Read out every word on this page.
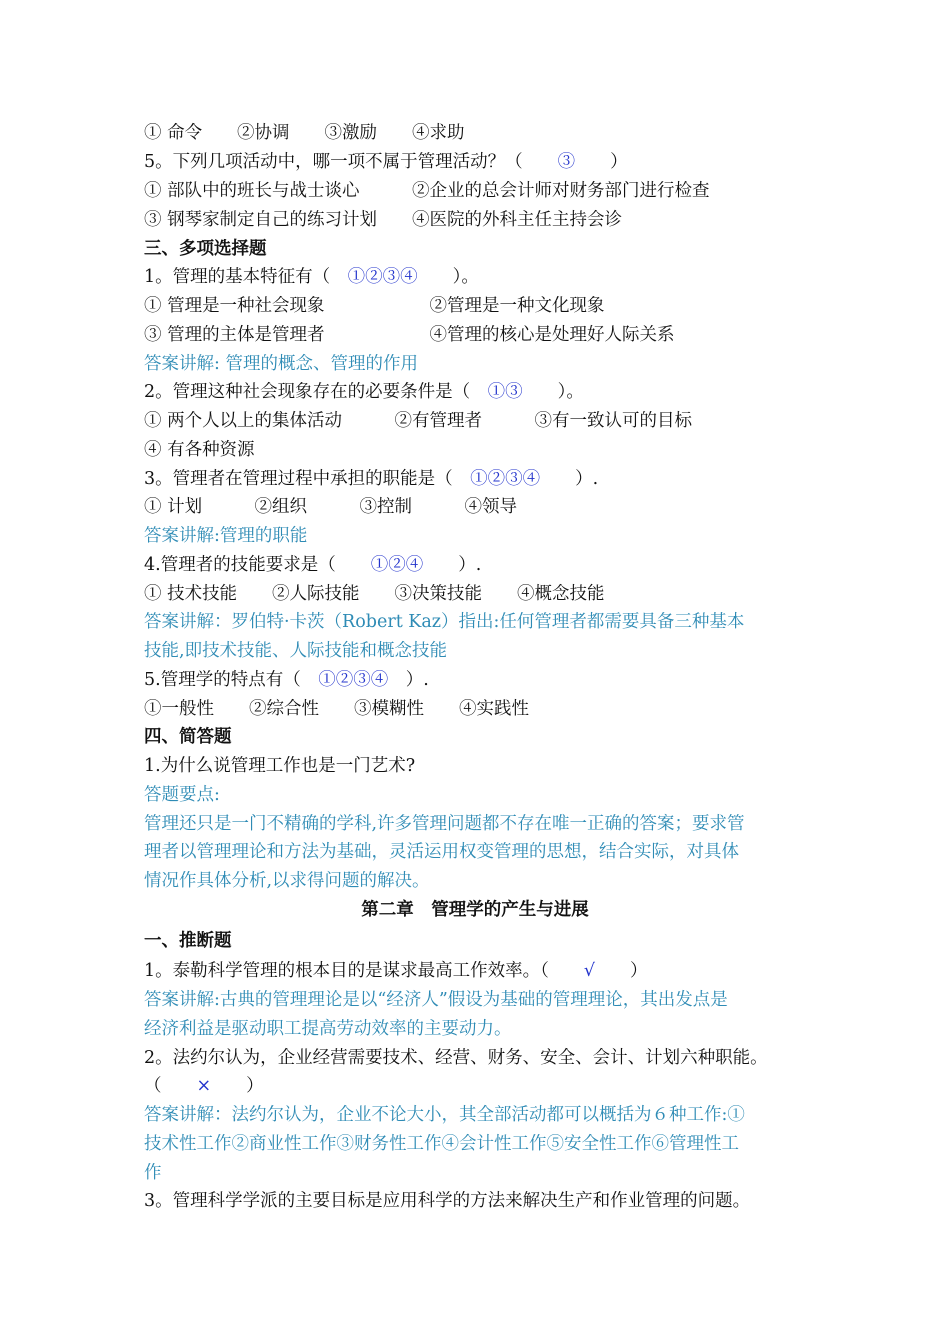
① 命令　　②协调　　③激励　　④求助
5。下列几项活动中，哪一项不属于管理活动？（　　③　　）
① 部队中的班长与战士谈心　　　②企业的总会计师对财务部门进行检查
③ 钢琴家制定自己的练习计划　　④医院的外科主任主持会诊
三、多项选择题
1。管理的基本特征有（　①②③④　　）。
① 管理是一种社会现象　　　　　　②管理是一种文化现象
③ 管理的主体是管理者　　　　　　④管理的核心是处理好人际关系
答案讲解: 管理的概念、管理的作用
2。管理这种社会现象存在的必要条件是（　①③　　）。
① 两个人以上的集体活动　　　②有管理者　　　③有一致认可的目标
④ 有各种资源
3。管理者在管理过程中承担的职能是（　①②③④　　）.
① 计划　　　②组织　　　③控制　　　④领导
答案讲解:管理的职能
4.管理者的技能要求是（　　①②④　　）.
① 技术技能　　②人际技能　　③决策技能　　④概念技能
答案讲解：罗伯特·卡茨（Robert Kaz）指出:任何管理者都需要具备三种基本
技能,即技术技能、人际技能和概念技能
5.管理学的特点有（　①②③④　）.
①一般性　　②综合性　　③模糊性　　④实践性
四、简答题
1.为什么说管理工作也是一门艺术?
答题要点:
管理还只是一门不精确的学科,许多管理问题都不存在唯一正确的答案；要求管
理者以管理理论和方法为基础，灵活运用权变管理的思想，结合实际，对具体
情况作具体分析,以求得问题的解决。
第二章　管理学的产生与进展
一、推断题
1。泰勒科学管理的根本目的是谋求最高工作效率。（　　√　　）
答案讲解:古典的管理理论是以“经济人”假设为基础的管理理论，其出发点是
经济利益是驱动职工提高劳动效率的主要动力。
2。法约尔认为，企业经营需要技术、经营、财务、安全、会计、计划六种职能。
（　　×　　）
答案讲解：法约尔认为，企业不论大小，其全部活动都可以概括为６种工作:①
技术性工作②商业性工作③财务性工作④会计性工作⑤安全性工作⑥管理性工
作
3。管理科学学派的主要目标是应用科学的方法来解决生产和作业管理的问题。
